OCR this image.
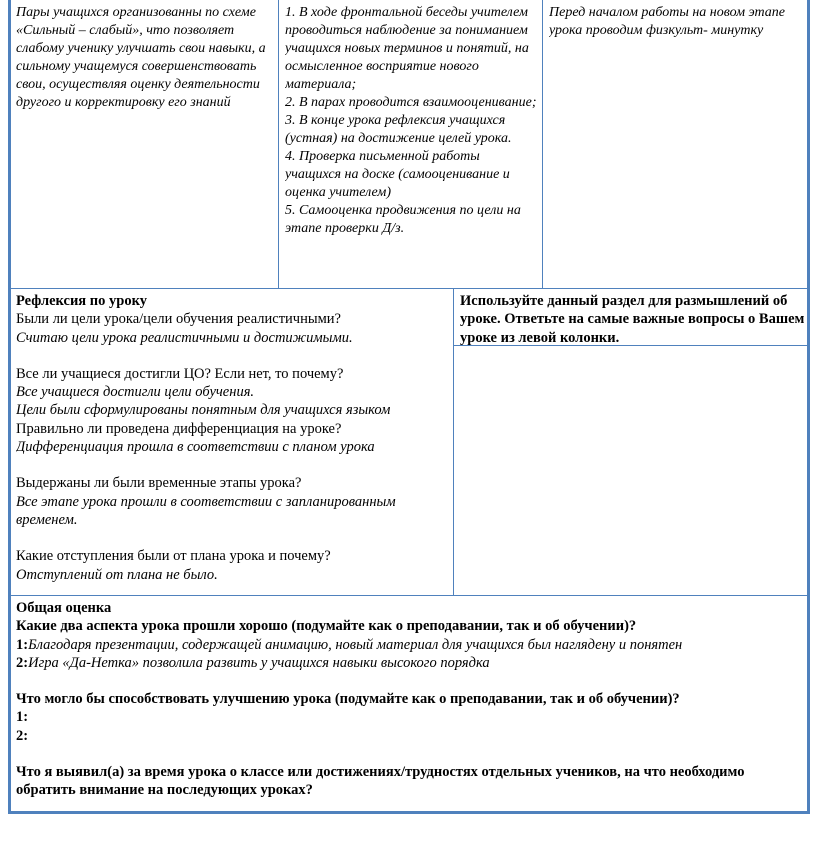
Пары учащихся организованны по схеме «Сильный – слабый», что позволяет слабому ученику улучшать свои навыки, а сильному учащемуся совершенствовать свои, осуществляя оценку деятельности другого и корректировку его знаний

1. В ходе фронтальной беседы учителем проводиться наблюдение за пониманием учащихся новых терминов и понятий, на осмысленное восприятие нового материала;

2. В парах проводится взаимооценивание;

3. В конце урока рефлексия учащихся (устная) на достижение целей урока.

4. Проверка письменной работы учащихся на доске (самооценивание и оценка учителем)

5. Самооценка продвижения по цели на этапе проверки Д/з.

Перед началом работы на новом этапе урока проводим физкульт- минутку

Рефлексия по уроку

Были ли цели урока/цели обучения реалистичными?

Считаю цели урока реалистичными и достижимыми.

Все ли учащиеся достигли ЦО? Если нет, то почему?

Все учащиеся достигли цели обучения.

Цели были сформулированы понятным для учащихся языком

Правильно ли проведена дифференциация на уроке?

Дифференциация прошла в соответствии с планом урока

Выдержаны ли были временные этапы урока?

Все этапе урока прошли в соответствии с запланированным временем.

Какие отступления были от плана урока и почему?

Отступлений от плана не было.

Используйте данный раздел для размышлений об уроке. Ответьте на самые важные вопросы о Вашем уроке из левой колонки.

Общая оценка

Какие два аспекта урока прошли хорошо (подумайте как о преподавании, так и об обучении)?

1:Благодаря презентации, содержащей анимацию, новый материал для учащихся был наглядену и понятен

2:Игра «Да-Нетка» позволила развить у учащихся навыки высокого порядка

Что могло бы способствовать улучшению урока (подумайте как о преподавании, так и об обучении)?

1:

2:

Что я выявил(а) за время урока о классе или достижениях/трудностях отдельных учеников, на что необходимо обратить внимание на последующих уроках?
